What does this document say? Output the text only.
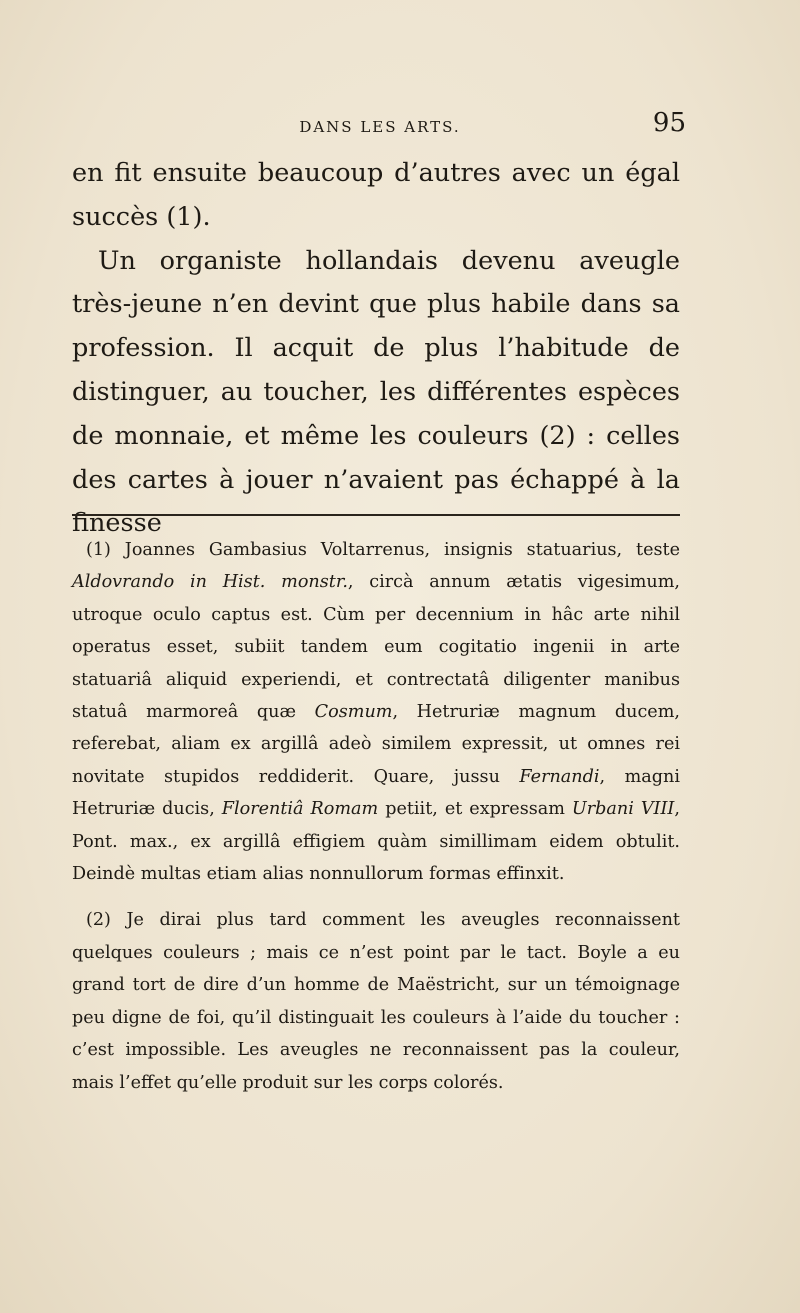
DANS LES ARTS.	95

en fit ensuite beaucoup d’autres avec un égal succès (1).

Un organiste hollandais devenu aveugle très-jeune n’en devint que plus habile dans sa profession. Il acquit de plus l’habitude de distinguer, au toucher, les différentes espèces de monnaie, et même les couleurs (2) : celles des cartes à jouer n’avaient pas échappé à la finesse

(1) Joannes Gambasius Voltarrenus, insignis statuarius, teste Aldovrando in Hist. monstr., circà annum ætatis vigesimum, utroque oculo captus est. Cùm per decennium in hâc arte nihil operatus esset, subiit tandem eum cogitatio ingenii in arte statuariâ aliquid experiendi, et contrectatâ diligenter manibus statuâ marmoreâ quæ Cosmum, Hetruriæ magnum ducem, referebat, aliam ex argillâ adeò similem expressit, ut omnes rei novitate stupidos reddiderit. Quare, jussu Fernandi, magni Hetruriæ ducis, Florentiâ Romam petiit, et expressam Urbani VIII, Pont. max., ex argillâ effigiem quàm simillimam eidem obtulit. Deindè multas etiam alias nonnullorum formas effinxit.

(2) Je dirai plus tard comment les aveugles reconnaissent quelques couleurs ; mais ce n’est point par le tact. Boyle a eu grand tort de dire d’un homme de Maëstricht, sur un témoignage peu digne de foi, qu’il distinguait les couleurs à l’aide du toucher : c’est impossible. Les aveugles ne reconnaissent pas la couleur, mais l’effet qu’elle produit sur les corps colorés.
